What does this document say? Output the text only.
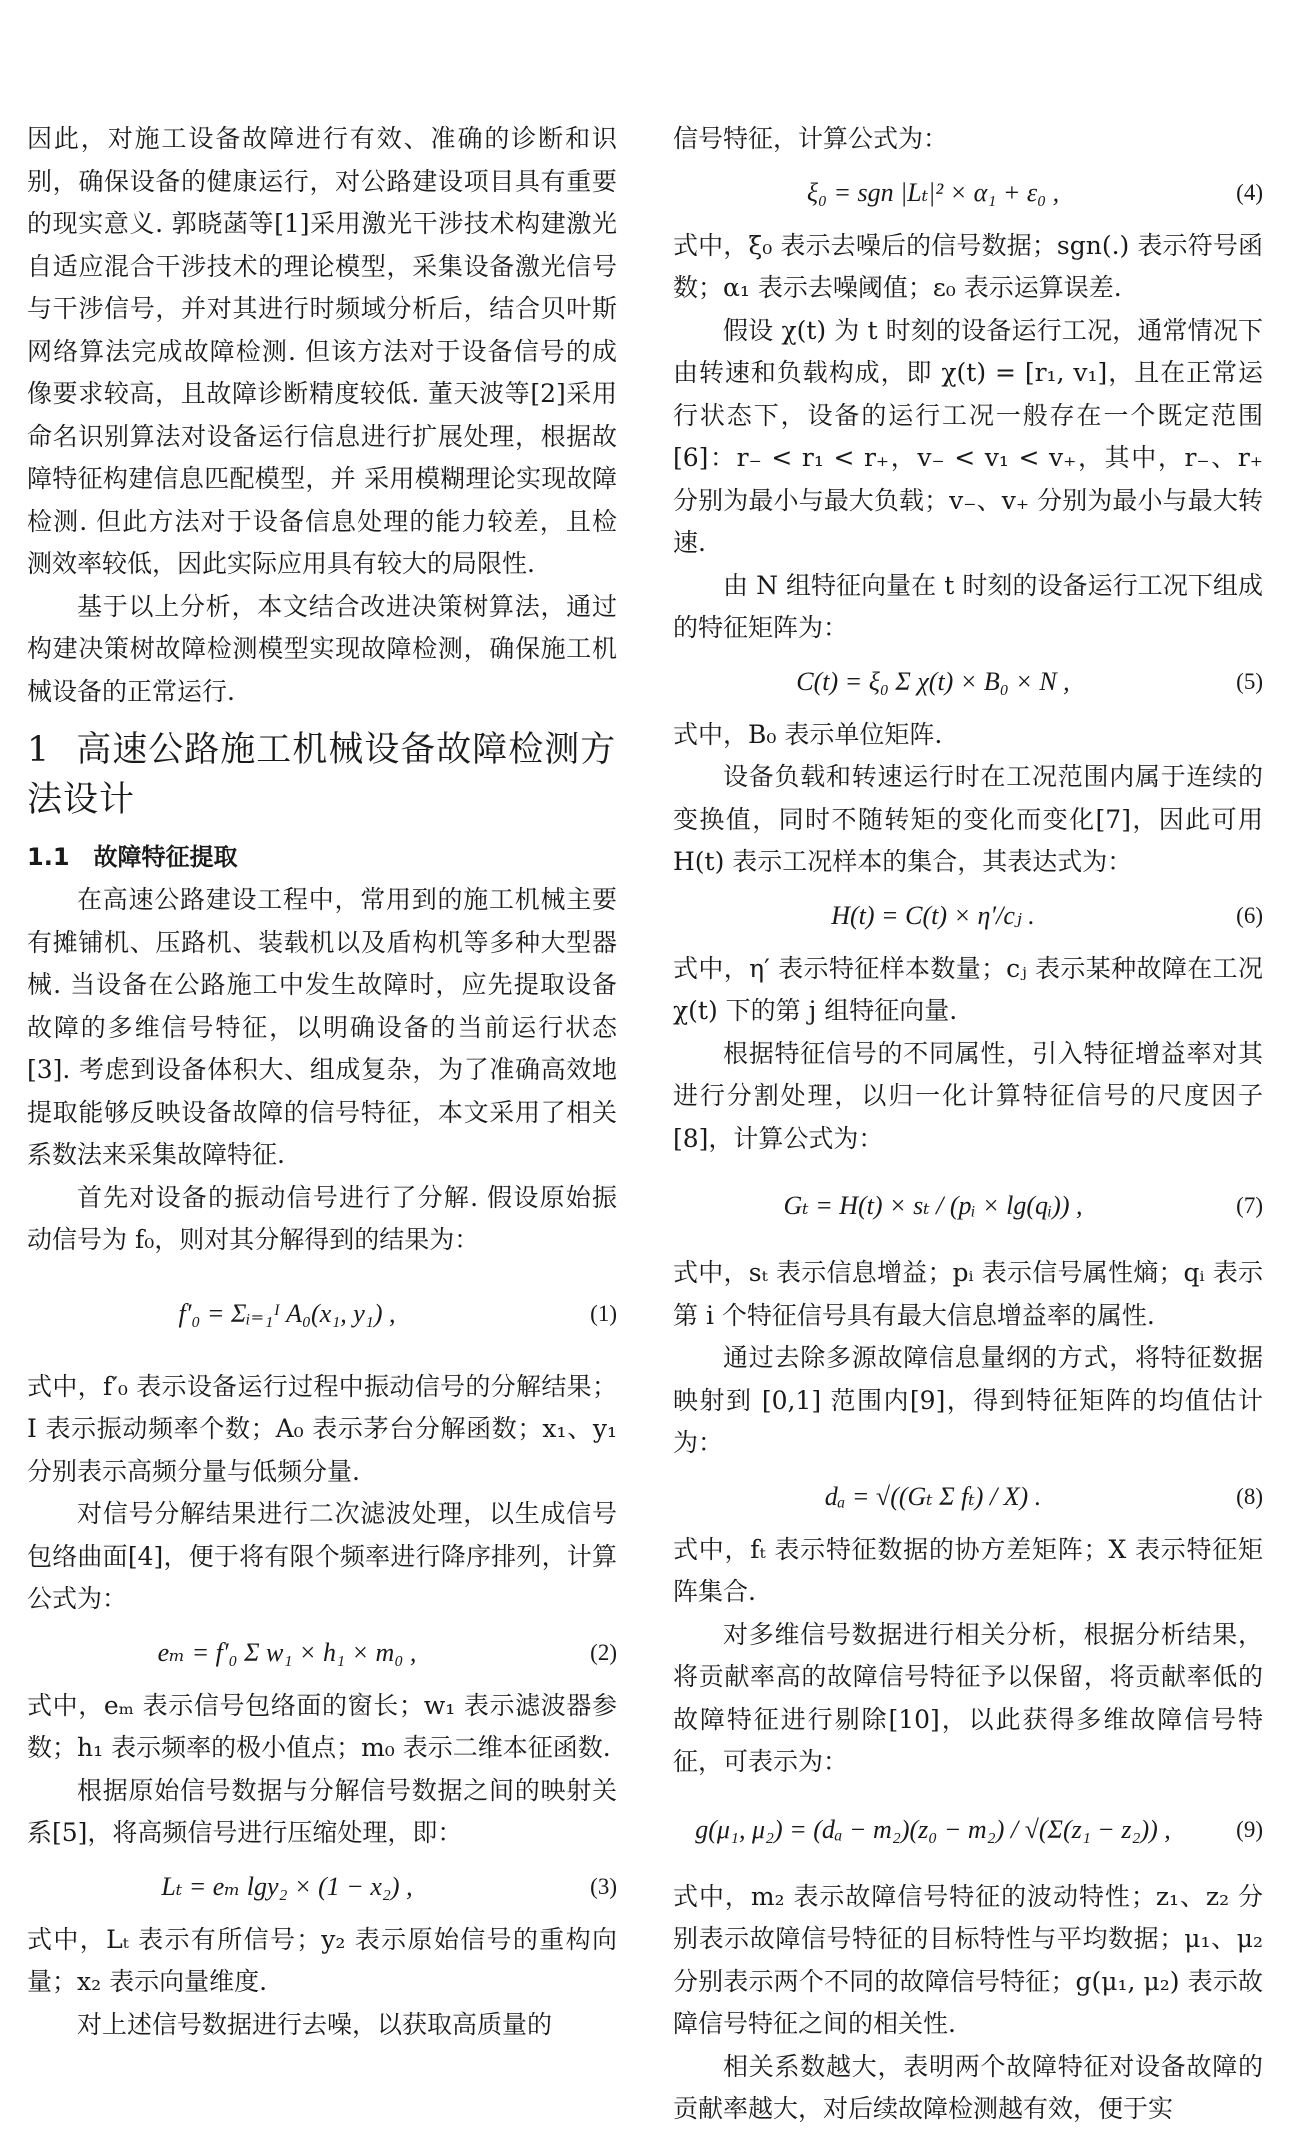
因此，对施工设备故障进行有效、准确的诊断和识别，确保设备的健康运行，对公路建设项目具有重要的现实意义. 郭晓菡等[1]采用激光干涉技术构建激光自适应混合干涉技术的理论模型，采集设备激光信号与干涉信号，并对其进行时频域分析后，结合贝叶斯网络算法完成故障检测. 但该方法对于设备信号的成像要求较高，且故障诊断精度较低. 董天波等[2]采用命名识别算法对设备运行信息进行扩展处理，根据故障特征构建信息匹配模型，并 采用模糊理论实现故障检测. 但此方法对于设备信息处理的能力较差，且检测效率较低，因此实际应用具有较大的局限性.

基于以上分析，本文结合改进决策树算法，通过构建决策树故障检测模型实现故障检测，确保施工机械设备的正常运行.

1 高速公路施工机械设备故障检测方法设计
1.1 故障特征提取

在高速公路建设工程中，常用到的施工机械主要有摊铺机、压路机、装载机以及盾构机等多种大型器械. 当设备在公路施工中发生故障时，应先提取设备故障的多维信号特征，以明确设备的当前运行状态[3]. 考虑到设备体积大、组成复杂，为了准确高效地提取能够反映设备故障的信号特征，本文采用了相关系数法来采集故障特征.

首先对设备的振动信号进行了分解. 假设原始振动信号为 f₀，则对其分解得到的结果为：

f′₀ = Σᵢ₌₁ᴵ A₀(x₁, y₁) ,	(1)

式中，f′₀ 表示设备运行过程中振动信号的分解结果；I 表示振动频率个数；A₀ 表示茅台分解函数；x₁、y₁ 分别表示高频分量与低频分量.

对信号分解结果进行二次滤波处理，以生成信号包络曲面[4]，便于将有限个频率进行降序排列，计算公式为：

eₘ = f′₀ Σ w₁ × h₁ × m₀ ,	(2)

式中，eₘ 表示信号包络面的窗长；w₁ 表示滤波器参数；h₁ 表示频率的极小值点；m₀ 表示二维本征函数.

根据原始信号数据与分解信号数据之间的映射关系[5]，将高频信号进行压缩处理，即：

Lₜ = eₘ lgy₂ × (1 − x₂) ,	(3)

式中，Lₜ 表示有所信号；y₂ 表示原始信号的重构向量；x₂ 表示向量维度.

对上述信号数据进行去噪，以获取高质量的

信号特征，计算公式为：

ξ₀ = sgn |Lₜ|² × α₁ + ε₀ ,	(4)

式中，ξ₀ 表示去噪后的信号数据；sgn(.) 表示符号函数；α₁ 表示去噪阈值；ε₀ 表示运算误差.

假设 χ(t) 为 t 时刻的设备运行工况，通常情况下由转速和负载构成，即 χ(t) = [r₁, v₁]，且在正常运行状态下，设备的运行工况一般存在一个既定范围[6]：r₋ < r₁ < r₊，v₋ < v₁ < v₊，其中，r₋、r₊ 分别为最小与最大负载；v₋、v₊ 分别为最小与最大转速.

由 N 组特征向量在 t 时刻的设备运行工况下组成的特征矩阵为：

C(t) = ξ₀ Σ χ(t) × B₀ × N ,	(5)

式中，B₀ 表示单位矩阵.

设备负载和转速运行时在工况范围内属于连续的变换值，同时不随转矩的变化而变化[7]，因此可用 H(t) 表示工况样本的集合，其表达式为：

H(t) = C(t) × η′/cⱼ .	(6)

式中，η′ 表示特征样本数量；cⱼ 表示某种故障在工况 χ(t) 下的第 j 组特征向量.

根据特征信号的不同属性，引入特征增益率对其进行分割处理，以归一化计算特征信号的尺度因子[8]，计算公式为：

Gₜ = H(t) × sₜ / (pᵢ × lg(qᵢ)) ,	(7)

式中，sₜ 表示信息增益；pᵢ 表示信号属性熵；qᵢ 表示第 i 个特征信号具有最大信息增益率的属性.

通过去除多源故障信息量纲的方式，将特征数据映射到 [0,1] 范围内[9]，得到特征矩阵的均值估计为：

dₐ = √((Gₜ Σ fₜ) / X) .	(8)

式中，fₜ 表示特征数据的协方差矩阵；X 表示特征矩阵集合.

对多维信号数据进行相关分析，根据分析结果，将贡献率高的故障信号特征予以保留，将贡献率低的故障特征进行剔除[10]，以此获得多维故障信号特征，可表示为：

g(μ₁, μ₂) = (dₐ − m₂)(z₀ − m₂) / √(Σ(z₁ − z₂)) ,	(9)

式中，m₂ 表示故障信号特征的波动特性；z₁、z₂ 分别表示故障信号特征的目标特性与平均数据；μ₁、μ₂ 分别表示两个不同的故障信号特征；g(μ₁, μ₂) 表示故障信号特征之间的相关性.

相关系数越大，表明两个故障特征对设备故障的贡献率越大，对后续故障检测越有效，便于实
